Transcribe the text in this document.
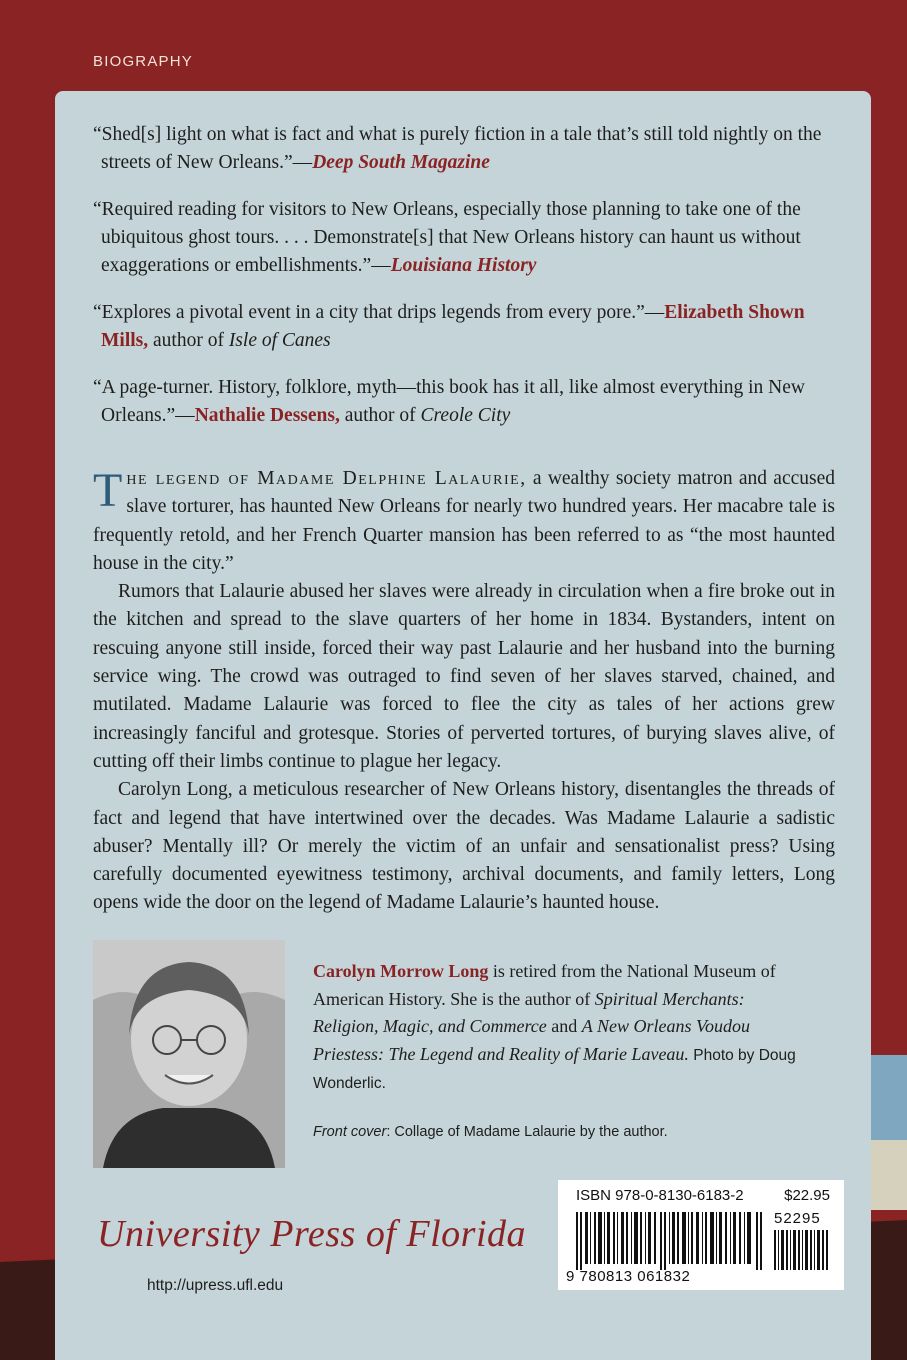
BIOGRAPHY

“Shed[s] light on what is fact and what is purely fiction in a tale that’s still told nightly on the streets of New Orleans.”—Deep South Magazine

“Required reading for visitors to New Orleans, especially those planning to take one of the ubiquitous ghost tours. . . . Demonstrate[s] that New Orleans history can haunt us without exaggerations or embellishments.”—Louisiana History

“Explores a pivotal event in a city that drips legends from every pore.”—Elizabeth Shown Mills, author of Isle of Canes

“A page-turner. History, folklore, myth—this book has it all, like almost everything in New Orleans.”—Nathalie Dessens, author of Creole City

The legend of Madame Delphine Lalaurie, a wealthy society matron and accused slave torturer, has haunted New Orleans for nearly two hundred years. Her macabre tale is frequently retold, and her French Quarter mansion has been referred to as “the most haunted house in the city.”

Rumors that Lalaurie abused her slaves were already in circulation when a fire broke out in the kitchen and spread to the slave quarters of her home in 1834. Bystanders, intent on rescuing anyone still inside, forced their way past Lalaurie and her husband into the burning service wing. The crowd was outraged to find seven of her slaves starved, chained, and mutilated. Madame Lalaurie was forced to flee the city as tales of her actions grew increasingly fanciful and grotesque. Stories of perverted tortures, of burying slaves alive, of cutting off their limbs continue to plague her legacy.

Carolyn Long, a meticulous researcher of New Orleans history, disentangles the threads of fact and legend that have intertwined over the decades. Was Madame Lalaurie a sadistic abuser? Mentally ill? Or merely the victim of an unfair and sensationalist press? Using carefully documented eyewitness testimony, archival documents, and family letters, Long opens wide the door on the legend of Madame Lalaurie’s haunted house.

Carolyn Morrow Long is retired from the National Museum of American History. She is the author of Spiritual Merchants: Religion, Magic, and Commerce and A New Orleans Voudou Priestess: The Legend and Reality of Marie Laveau. Photo by Doug Wonderlic.
Front cover: Collage of Madame Lalaurie by the author.
University Press of Florida
http://upress.ufl.edu
ISBN 978-0-8130-6183-2	$22.95
52295
9 780813 061832
